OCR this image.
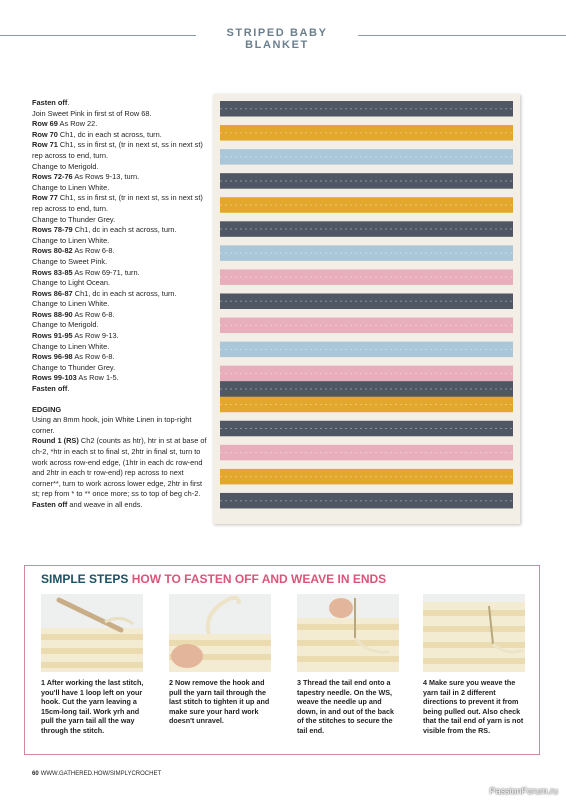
STRIPED BABY BLANKET
Fasten off.
Join Sweet Pink in first st of Row 68.
Row 69 As Row 22.
Row 70 Ch1, dc in each st across, turn.
Row 71 Ch1, ss in first st, (tr in next st, ss in next st) rep across to end, turn.
Change to Merigold.
Rows 72-76 As Rows 9-13, turn.
Change to Linen White.
Row 77 Ch1, ss in first st, (tr in next st, ss in next st) rep across to end, turn.
Change to Thunder Grey.
Rows 78-79 Ch1, dc in each st across, turn.
Change to Linen White.
Rows 80-82 As Row 6-8.
Change to Sweet Pink.
Rows 83-85 As Row 69-71, turn.
Change to Light Ocean.
Rows 86-87 Ch1, dc in each st across, turn.
Change to Linen White.
Rows 88-90 As Row 6-8.
Change to Merigold.
Rows 91-95 As Row 9-13.
Change to Linen White.
Rows 96-98 As Row 6-8.
Change to Thunder Grey.
Rows 99-103 As Row 1-5.
Fasten off.
EDGING
Using an 8mm hook, join White Linen in top-right corner.
Round 1 (RS) Ch2 (counts as htr), htr in st at base of ch-2, *htr in each st to final st, 2htr in final st, turn to work across row-end edge, (1htr in each dc row-end and 2htr in each tr row-end) rep across to next corner**, turn to work across lower edge, 2htr in first st; rep from * to ** once more; ss to top of beg ch-2.
Fasten off and weave in all ends.
SIMPLE STEPS HOW TO FASTEN OFF AND WEAVE IN ENDS
1 After working the last stitch, you'll have 1 loop left on your hook. Cut the yarn leaving a 15cm-long tail. Work yrh and pull the yarn tail all the way through the stitch.
2 Now remove the hook and pull the yarn tail through the last stitch to tighten it up and make sure your hard work doesn't unravel.
3 Thread the tail end onto a tapestry needle. On the WS, weave the needle up and down, in and out of the back of the stitches to secure the tail end.
4 Make sure you weave the yarn tail in 2 different directions to prevent it from being pulled out. Also check that the tail end of yarn is not visible from the RS.
60 WWW.GATHERED.HOW/SIMPLYCROCHET
PassionForum.ru
